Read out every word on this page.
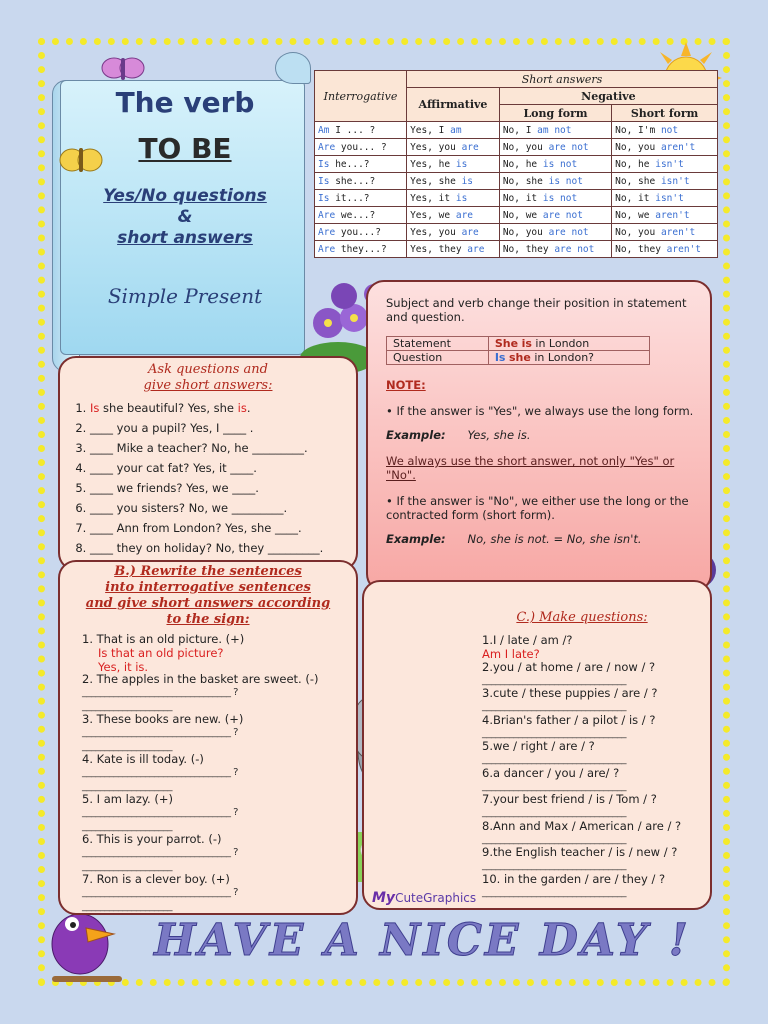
The verb
TO BE
Yes/No questions
&
short answers
Simple Present
Interrogative	Short answers		
	Affirmative	Negative	
		Long form	Short form
Am I ... ?	Yes, I am	No, I am not	No, I'm not
Are you... ?	Yes, you are	No, you are not	No, you aren't
Is he...?	Yes, he is	No, he is not	No, he isn't
Is she...?	Yes, she is	No, she is not	No, she isn't
Is it...?	Yes, it is	No, it is not	No, it isn't
Are we...?	Yes, we are	No, we are not	No, we aren't
Are you...?	Yes, you are	No, you are not	No, you aren't
Are they...?	Yes, they are	No, they are not	No, they aren't
Ask questions and
give short answers:
1. Is she beautiful? Yes, she is.
2. ____ you a pupil? Yes, I ____ .
3. ____ Mike a teacher? No, he _________.
4. ____ your cat fat? Yes, it ____.
5. ____ we friends? Yes, we ____.
6. ____ you sisters? No, we _________.
7. ____ Ann from London? Yes, she ____.
8. ____ they on holiday? No, they _________.
B.) Rewrite the sentences
into interrogative sentences
and give short answers according
to the sign:
1. That is an old picture. (+)
Is that an old picture?
Yes, it is.
2. The apples in the basket are sweet. (-)
_________________________________ ?
____________________
3. These books are new. (+)
_________________________________ ?
____________________
4. Kate is ill today. (-)
_________________________________ ?
____________________
5. I am lazy. (+)
_________________________________ ?
____________________
6. This is your parrot. (-)
_________________________________ ?
____________________
7. Ron is a clever boy. (+)
_________________________________ ?
____________________
Subject and verb change their position in statement and question.
Statement	She is in London
Question	Is she in London?
NOTE:
• If the answer is "Yes", we always use the long form.
Example: Yes, she is.
We always use the short answer, not only "Yes" or "No".
• If the answer is "No", we either use the long or the contracted form (short form).
Example: No, she is not. = No, she isn't.
C.) Make questions:
1.I / late / am /?
Am I late?
2.you / at home / are / now / ?
________________________________
3.cute / these puppies / are / ?
________________________________
4.Brian's father / a pilot / is / ?
________________________________
5.we / right / are / ?
________________________________
6.a dancer / you / are/ ?
________________________________
7.your best friend / is / Tom / ?
________________________________
8.Ann and Max / American / are / ?
________________________________
9.the English teacher / is / new / ?
________________________________
10. in the garden / are / they / ?
________________________________
MyCuteGraphics
HAVE A NICE DAY !
